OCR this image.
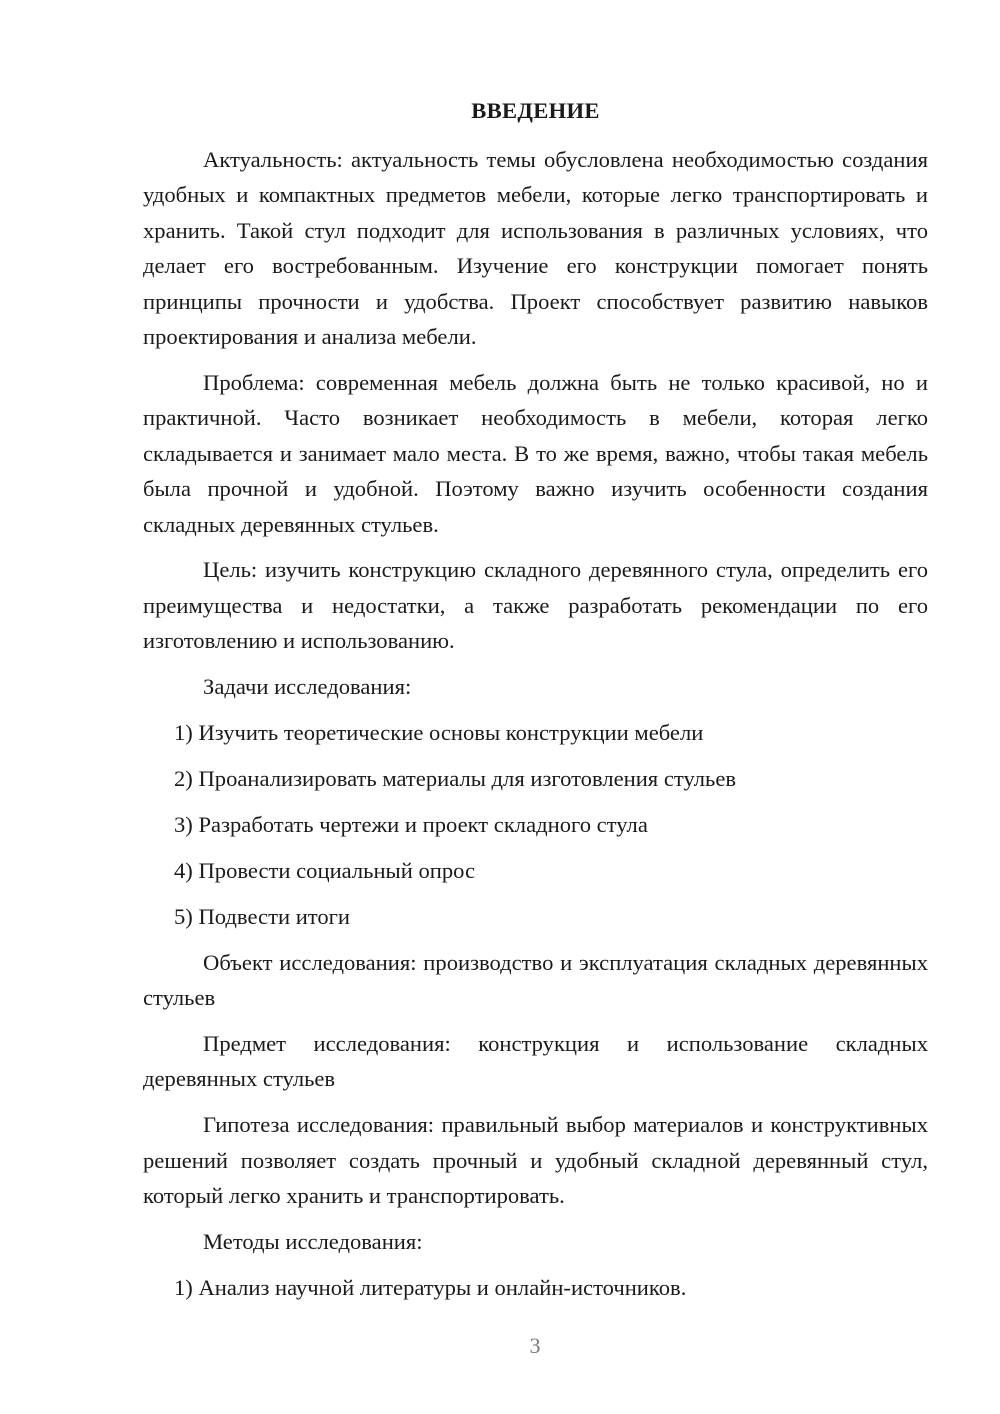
ВВЕДЕНИЕ

Актуальность: актуальность темы обусловлена необходимостью создания удобных и компактных предметов мебели, которые легко транспортировать и хранить. Такой стул подходит для использования в различных условиях, что делает его востребованным. Изучение его конструкции помогает понять принципы прочности и удобства. Проект способствует развитию навыков проектирования и анализа мебели.

Проблема: современная мебель должна быть не только красивой, но и практичной. Часто возникает необходимость в мебели, которая легко складывается и занимает мало места. В то же время, важно, чтобы такая мебель была прочной и удобной. Поэтому важно изучить особенности создания складных деревянных стульев.

Цель: изучить конструкцию складного деревянного стула, определить его преимущества и недостатки, а также разработать рекомендации по его изготовлению и использованию.

Задачи исследования:

1) Изучить теоретические основы конструкции мебели

2) Проанализировать материалы для изготовления стульев

3) Разработать чертежи и проект складного стула

4) Провести социальный опрос

5) Подвести итоги

Объект исследования: производство и эксплуатация складных деревянных стульев

Предмет исследования: конструкция и использование складных деревянных стульев

Гипотеза исследования: правильный выбор материалов и конструктивных решений позволяет создать прочный и удобный складной деревянный стул, который легко хранить и транспортировать.

Методы исследования:

1) Анализ научной литературы и онлайн-источников.

3
